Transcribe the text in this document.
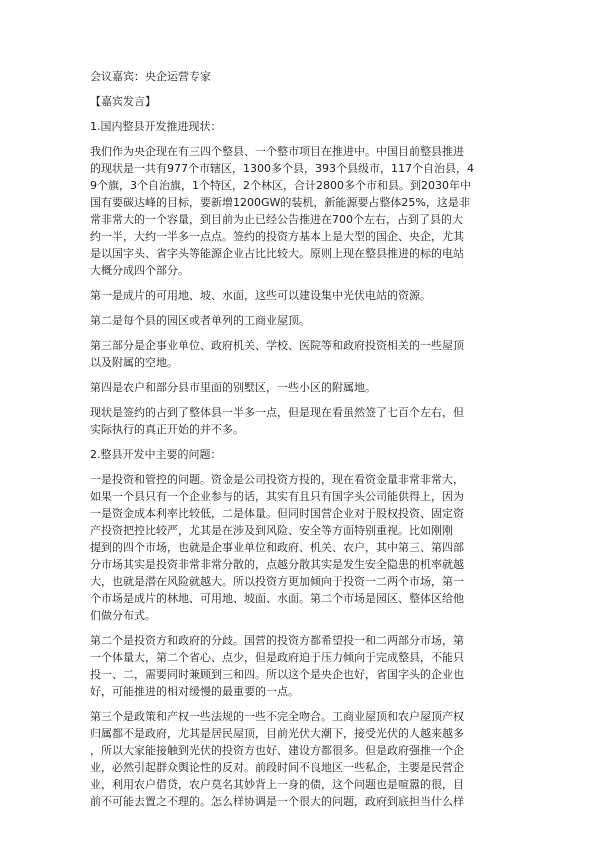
会议嘉宾：央企运营专家

【嘉宾发言】

1.国内整县开发推进现状：

我们作为央企现在有三四个整县、一个整市项目在推进中。中国目前整县推进
的现状是一共有977个市辖区，1300多个县，393个县级市，117个自治县，4
9个旗，3个自治旗，1个特区，2个林区，合计2800多个市和县。到2030年中
国有要碳达峰的目标，要新增1200GW的装机，新能源要占整体25%，这是非
常非常大的一个容量，到目前为止已经公告推进在700个左右，占到了县的大
约一半，大约一半多一点点。签约的投资方基本上是大型的国企、央企，尤其
是以国字头、省字头等能源企业占比比较大。原则上现在整县推进的标的电站
大概分成四个部分。

第一是成片的可用地、坡、水面，这些可以建设集中光伏电站的资源。

第二是每个县的园区或者单列的工商业屋顶。

第三部分是企事业单位、政府机关、学校、医院等和政府投资相关的一些屋顶
以及附属的空地。

第四是农户和部分县市里面的别墅区，一些小区的附属地。

现状是签约的占到了整体县一半多一点，但是现在看虽然签了七百个左右，但
实际执行的真正开始的并不多。

2.整县开发中主要的问题：

一是投资和管控的问题。资金是公司投资方投的，现在看资金量非常非常大，
如果一个县只有一个企业参与的话，其实有且只有国字头公司能供得上，因为
一是资金成本利率比较低，二是体量。但同时国营企业对于股权投资、固定资
产投资把控比较严，尤其是在涉及到风险、安全等方面特别重视。比如刚刚
提到的四个市场，也就是企事业单位和政府、机关、农户，其中第三、第四部
分市场其实是投资非常非常分散的，点越分散其实是发生安全隐患的机率就越
大，也就是潜在风险就越大。所以投资方更加倾向于投资一二两个市场，第一
个市场是成片的林地、可用地、坡面、水面。第二个市场是园区、整体区给他
们做分布式。

第二个是投资方和政府的分歧。国营的投资方都希望投一和二两部分市场，第
一个体量大，第二个省心、点少，但是政府迫于压力倾向于完成整县，不能只
投一、二，需要同时兼顾到三和四。所以这个是央企也好，省国字头的企业也
好，可能推进的相对缓慢的最重要的一点。

第三个是政策和产权一些法规的一些不完全吻合。工商业屋顶和农户屋顶产权
归属都不是政府，尤其是居民屋顶，目前光伏大潮下，接受光伏的人越来越多
，所以大家能接触到光伏的投资方也好、建设方都很多。但是政府强推一个企
业，必然引起群众舆论性的反对。前段时间不良地区一些私企，主要是民营企
业，利用农户借贷，农户莫名其妙背上一身的债，这个问题也是喧嚣的很，目
前不可能去置之不理的。怎么样协调是一个很大的问题，政府到底担当什么样
